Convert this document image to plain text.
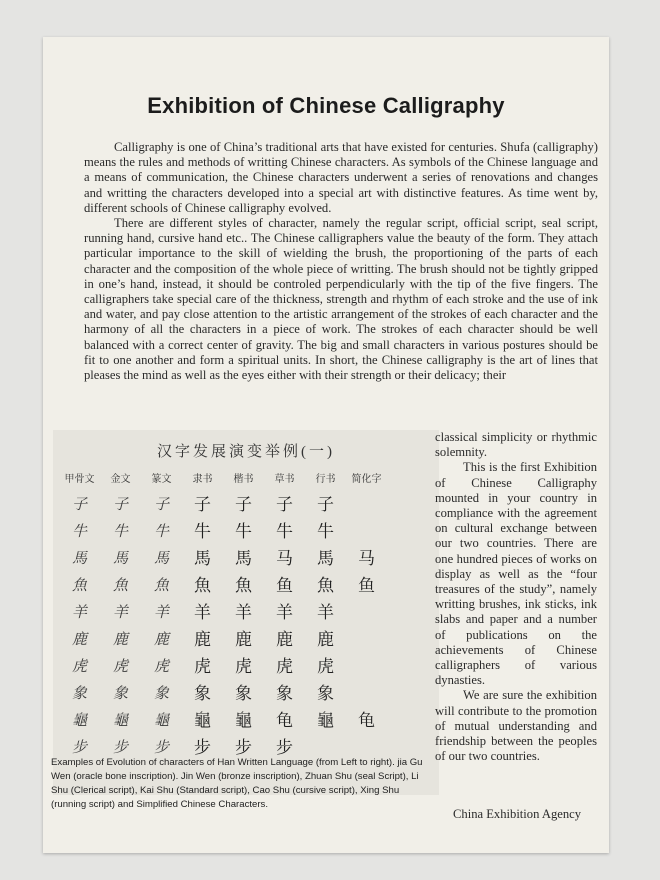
Exhibition of Chinese Calligraphy

Calligraphy is one of China’s traditional arts that have existed for centuries. Shufa (calligraphy) means the rules and methods of writting Chinese characters. As symbols of the Chinese language and a means of communication, the Chinese characters underwent a series of renovations and changes and writting the characters developed into a special art with distinctive features. As time went by, different schools of Chinese calligraphy evolved.

There are different styles of character, namely the regular script, official script, seal script, running hand, cursive hand etc.. The Chinese calligraphers value the beauty of the form. They attach particular importance to the skill of wielding the brush, the proportioning of the parts of each character and the composition of the whole piece of writting. The brush should not be tightly gripped in one’s hand, instead, it should be controled perpendicularly with the tip of the five fingers. The calligraphers take special care of the thickness, strength and rhythm of each stroke and the use of ink and water, and pay close attention to the artistic arrangement of the strokes of each character and the harmony of all the characters in a piece of work. The strokes of each character should be well balanced with a correct center of gravity. The big and small characters in various postures should be fit to one another and form a spiritual units. In short, the Chinese calligraphy is the art of lines that pleases the mind as well as the eyes either with their strength or their delicacy; their

汉字发展演变举例(一)
甲骨文	金文	篆文	隶书	楷书	草书	行书	简化字
子	子	子	子	子	子	子
牛	牛	牛	牛	牛	牛	牛
馬	馬	馬	馬	馬	马	馬	马
魚	魚	魚	魚	魚	鱼	魚	鱼
羊	羊	羊	羊	羊	羊	羊
鹿	鹿	鹿	鹿	鹿	鹿	鹿
虎	虎	虎	虎	虎	虎	虎
象	象	象	象	象	象	象
龜	龜	龜	龜	龜	龟	龜	龟
步	步	步	步	步	步
Examples of Evolution of characters of Han Written Language (from Left to right). jia Gu Wen (oracle bone inscription). Jin Wen (bronze inscription), Zhuan Shu (seal Script), Li Shu (Clerical script), Kai Shu (Standard script), Cao Shu (cursive script), Xing Shu (running script) and Simplified Chinese Characters.

classical simplicity or rhythmic solemnity.

This is the first Exhibition of Chinese Calligraphy mounted in your country in compliance with the agreement on cultural exchange between our two countries. There are one hundred pieces of works on display as well as the “four treasures of the study”, namely writting brushes, ink sticks, ink slabs and paper and a number of publications on the achievements of Chinese calligraphers of various dynasties.

We are sure the exhibition will contribute to the promotion of mutual understanding and friendship between the peoples of our two countries.

China Exhibition Agency
